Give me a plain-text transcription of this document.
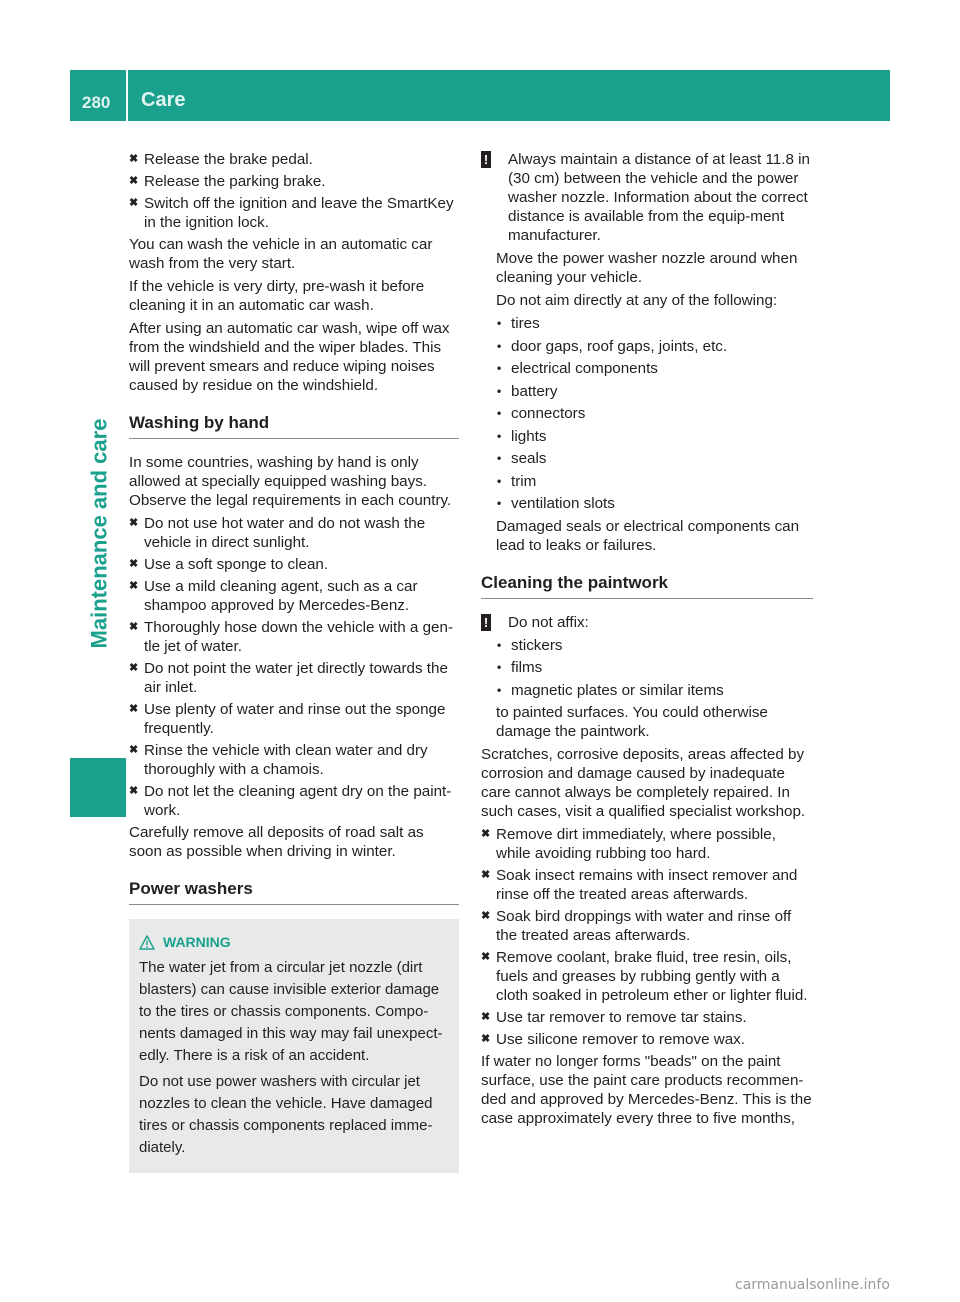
280 Care
Maintenance and care
✖ Release the brake pedal.
✖ Release the parking brake.
✖ Switch off the ignition and leave the SmartKey in the ignition lock.

You can wash the vehicle in an automatic car wash from the very start.

If the vehicle is very dirty, pre-wash it before cleaning it in an automatic car wash.

After using an automatic car wash, wipe off wax from the windshield and the wiper blades. This will prevent smears and reduce wiping noises caused by residue on the windshield.

Washing by hand

In some countries, washing by hand is only allowed at specially equipped washing bays. Observe the legal requirements in each country.

✖ Do not use hot water and do not wash the vehicle in direct sunlight.
✖ Use a soft sponge to clean.
✖ Use a mild cleaning agent, such as a car shampoo approved by Mercedes-Benz.
✖ Thoroughly hose down the vehicle with a gen-tle jet of water.
✖ Do not point the water jet directly towards the air inlet.
✖ Use plenty of water and rinse out the sponge frequently.
✖ Rinse the vehicle with clean water and dry thoroughly with a chamois.
✖ Do not let the cleaning agent dry on the paint-work.

Carefully remove all deposits of road salt as soon as possible when driving in winter.

Power washers
WARNING

The water jet from a circular jet nozzle (dirt blasters) can cause invisible exterior damage to the tires or chassis components. Compo-nents damaged in this way may fail unexpect-edly. There is a risk of an accident.

Do not use power washers with circular jet nozzles to clean the vehicle. Have damaged tires or chassis components replaced imme-diately.

! Always maintain a distance of at least 11.8 in (30 cm) between the vehicle and the power washer nozzle. Information about the correct distance is available from the equip-ment manufacturer.

Move the power washer nozzle around when cleaning your vehicle.

Do not aim directly at any of the following:

• tires
• door gaps, roof gaps, joints, etc.
• electrical components
• battery
• connectors
• lights
• seals
• trim
• ventilation slots

Damaged seals or electrical components can lead to leaks or failures.

Cleaning the paintwork
! Do not affix:
• stickers
• films
• magnetic plates or similar items

to painted surfaces. You could otherwise damage the paintwork.

Scratches, corrosive deposits, areas affected by corrosion and damage caused by inadequate care cannot always be completely repaired. In such cases, visit a qualified specialist workshop.

✖ Remove dirt immediately, where possible, while avoiding rubbing too hard.
✖ Soak insect remains with insect remover and rinse off the treated areas afterwards.
✖ Soak bird droppings with water and rinse off the treated areas afterwards.
✖ Remove coolant, brake fluid, tree resin, oils, fuels and greases by rubbing gently with a cloth soaked in petroleum ether or lighter fluid.
✖ Use tar remover to remove tar stains.
✖ Use silicone remover to remove wax.

If water no longer forms "beads" on the paint surface, use the paint care products recommen-ded and approved by Mercedes-Benz. This is the case approximately every three to five months,

carmanualsonline.info
